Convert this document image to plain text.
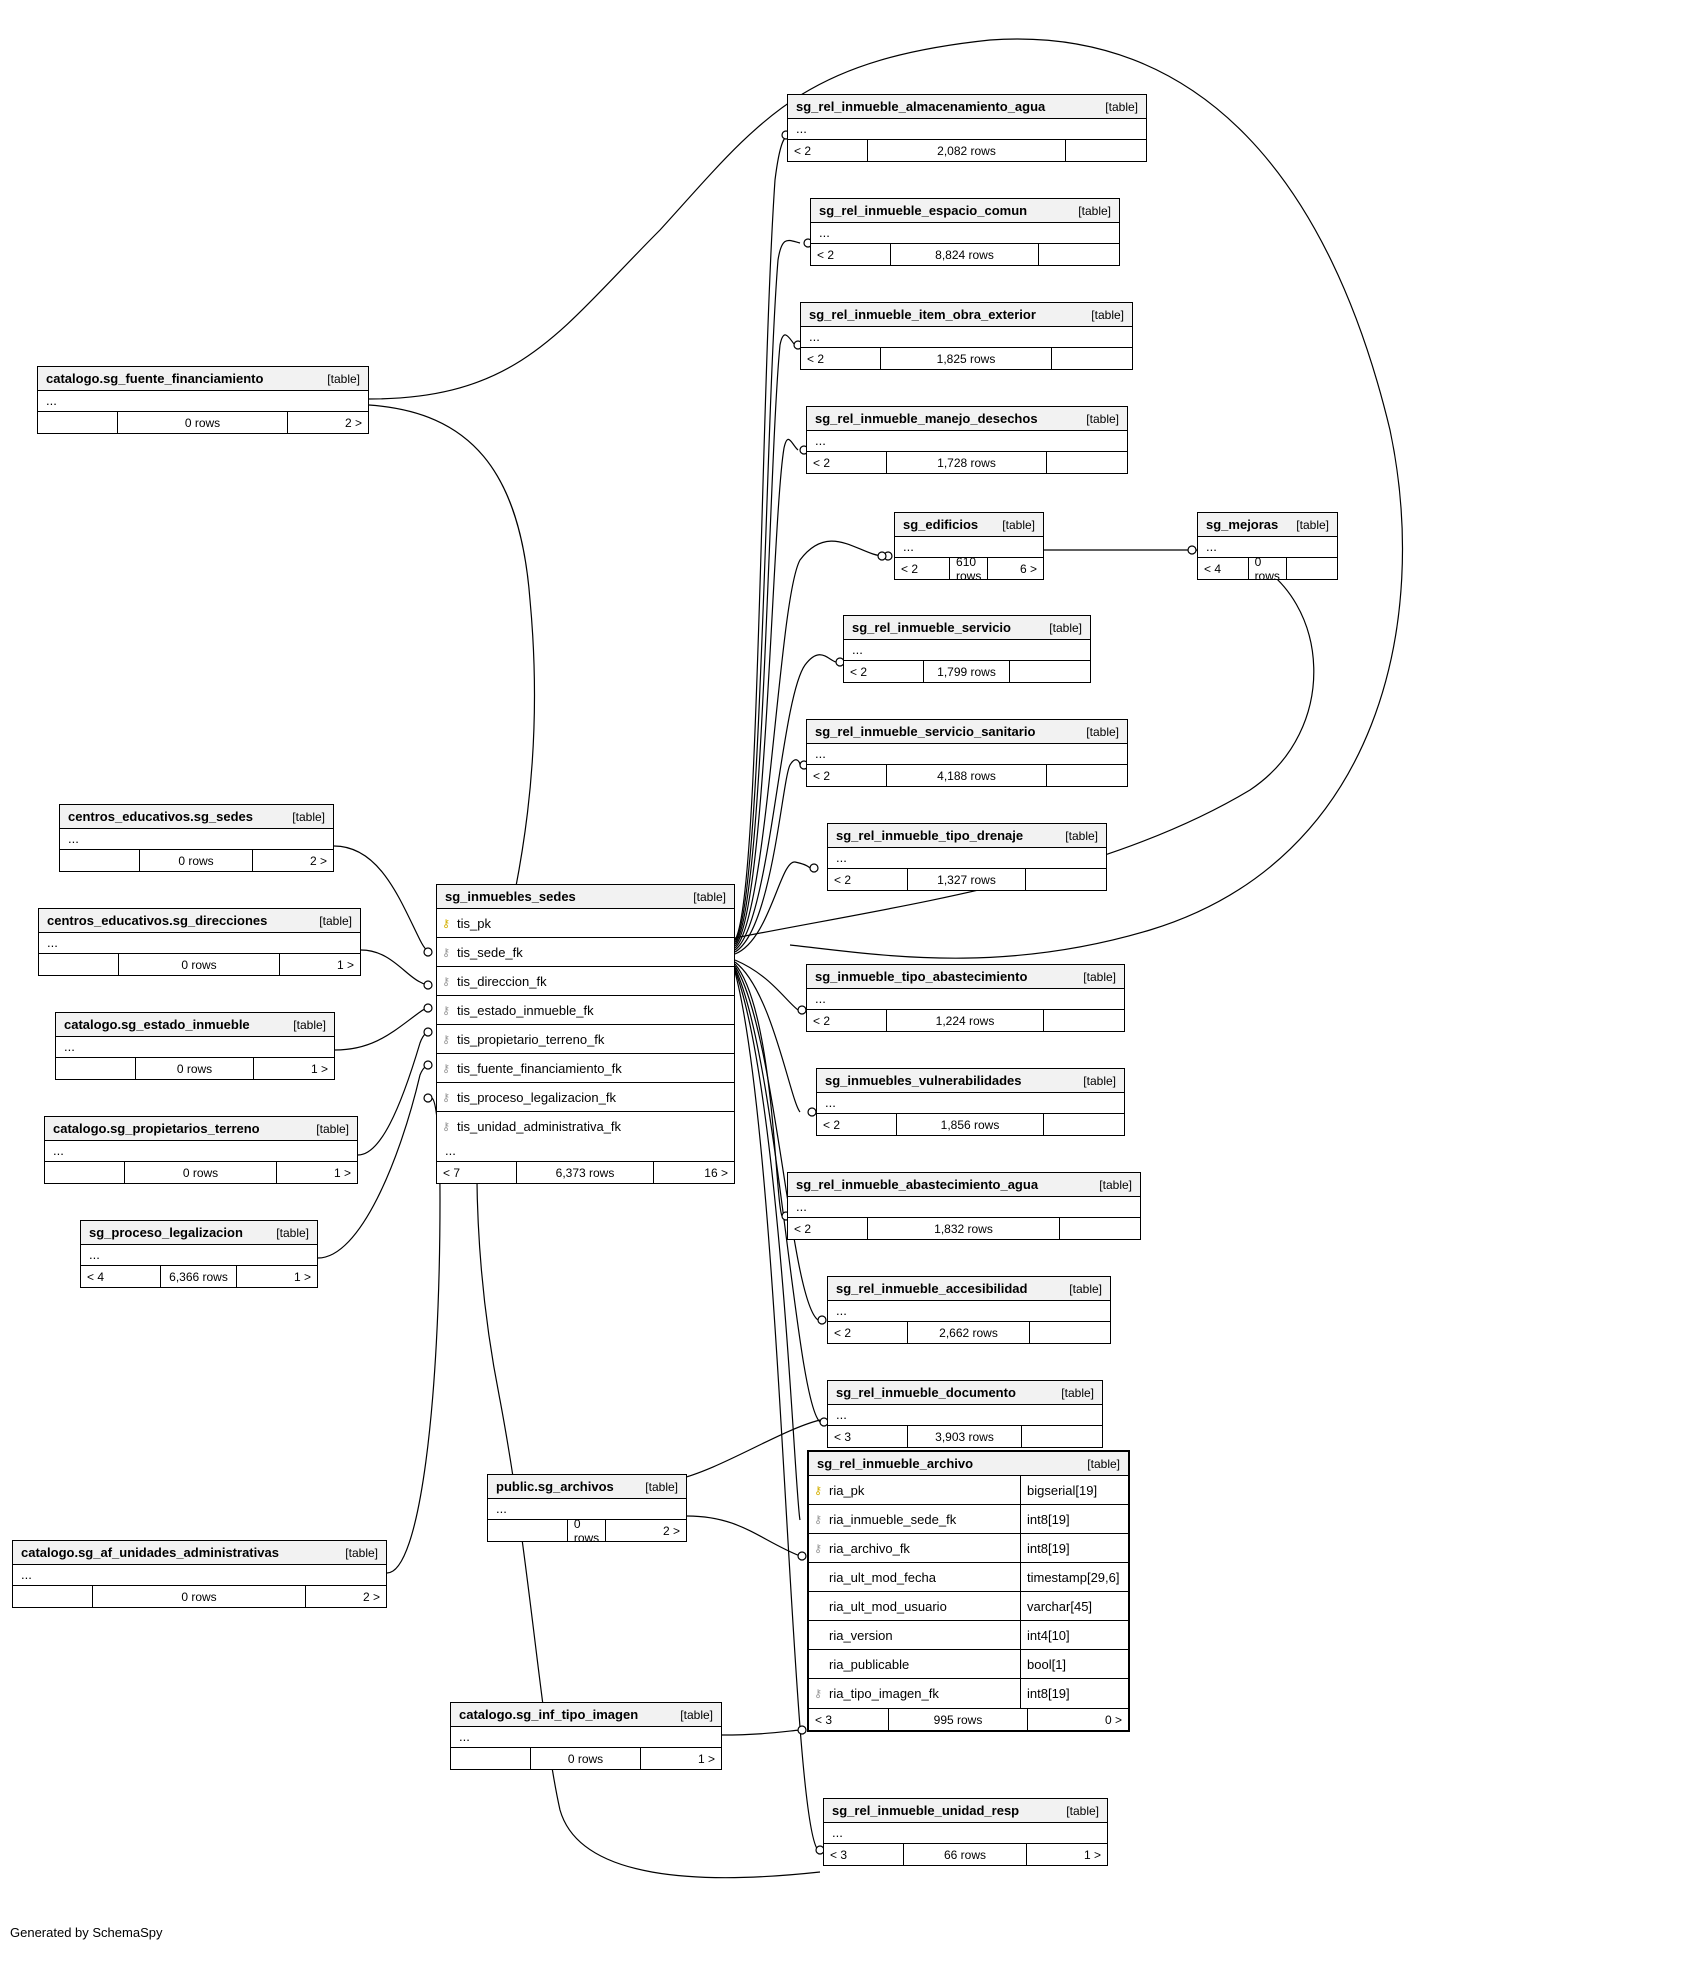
catalogo.sg_fuente_financiamiento	[table]
...
0 rows	2 >
sg_rel_inmueble_almacenamiento_agua	[table]
...
< 2	2,082 rows
sg_rel_inmueble_espacio_comun	[table]
...
< 2	8,824 rows
sg_rel_inmueble_item_obra_exterior	[table]
...
< 2	1,825 rows
sg_rel_inmueble_manejo_desechos	[table]
...
< 2	1,728 rows
sg_edificios [table]
...
< 2	610 rows	6 >
sg_mejoras [table]
...
< 4	0 rows
sg_rel_inmueble_servicio	[table]
...
< 2	1,799 rows
sg_rel_inmueble_servicio_sanitario	[table]
...
< 2	4,188 rows
sg_rel_inmueble_tipo_drenaje	[table]
...
< 2	1,327 rows
sg_inmueble_tipo_abastecimiento	[table]
...
< 2	1,224 rows
sg_inmuebles_vulnerabilidades	[table]
...
< 2	1,856 rows
sg_rel_inmueble_abastecimiento_agua	[table]
...
< 2	1,832 rows
sg_rel_inmueble_accesibilidad	[table]
...
< 2	2,662 rows
sg_rel_inmueble_documento	[table]
...
< 3	3,903 rows
public.sg_archivos	[table]
...
0 rows	2 >
centros_educativos.sg_sedes	[table]
...
0 rows	2 >
centros_educativos.sg_direcciones	[table]
...
0 rows	1 >
catalogo.sg_estado_inmueble	[table]
...
0 rows	1 >
catalogo.sg_propietarios_terreno	[table]
...
0 rows	1 >
sg_proceso_legalizacion	[table]
...
< 4	6,366 rows	1 >
catalogo.sg_af_unidades_administrativas	[table]
...
0 rows	2 >
catalogo.sg_inf_tipo_imagen	[table]
...
0 rows	1 >
sg_rel_inmueble_unidad_resp	[table]
...
< 3	66 rows	1 >
sg_inmuebles_sedes	[table]
⚷ tis_pk
⚷ tis_sede_fk
⚷ tis_direccion_fk
⚷ tis_estado_inmueble_fk
⚷ tis_propietario_terreno_fk
⚷ tis_fuente_financiamiento_fk
⚷ tis_proceso_legalizacion_fk
⚷ tis_unidad_administrativa_fk
...
< 7	6,373 rows	16 >
sg_rel_inmueble_archivo	[table]
⚷ ria_pk	bigserial[19]
⚷ ria_inmueble_sede_fk	int8[19]
⚷ ria_archivo_fk	int8[19]
ria_ult_mod_fecha	timestamp[29,6]
ria_ult_mod_usuario	varchar[45]
ria_version	int4[10]
ria_publicable	bool[1]
⚷ ria_tipo_imagen_fk	int8[19]
< 3	995 rows	0 >
Generated by SchemaSpy
